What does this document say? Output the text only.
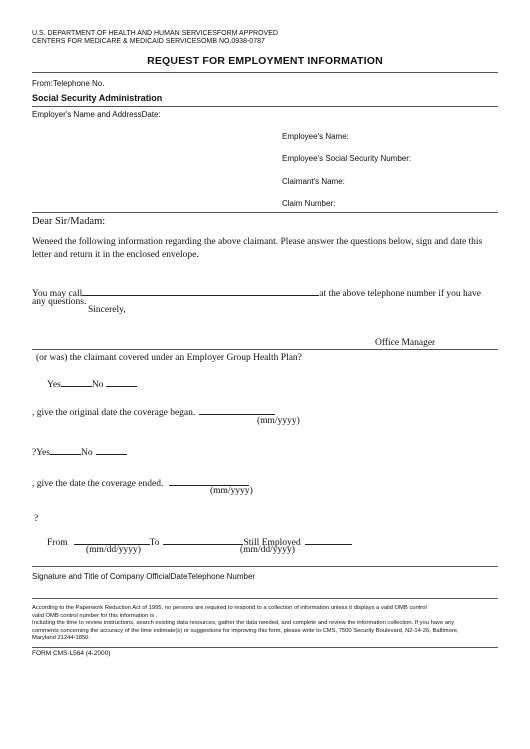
U.S. DEPARTMENT OF HEALTH AND HUMAN SERVICESFORM APPROVED
CENTERS FOR MEDICARE & MEDICAID SERVICESOMB NO.0938-0787
REQUEST FOR EMPLOYMENT INFORMATION
From:Telephone No.
Social Security Administration
Employer's Name and AddressDate:
Employee's Name:
Employee's Social Security Number:
Claimant's Name:
Claim Number:
Dear Sir/Madam:
Weneed the following information regarding the above claimant. Please answer the questions below, sign and date this
letter and return it in the enclosed envelope.
You may call	at the above telephone number if you have
any questions.
Sincerely,
Office Manager
(or was) the claimant covered under an Employer Group Health Plan?
Yes	No
, give the original date the coverage began.
(mm/yyyy)
?Yes	No
, give the date the coverage ended.
(mm/yyyy)
?
From	To	Still Employed
(mm/dd/yyyy)	(mm/dd/yyyy)
Signature and Title of Company OfficialDateTelephone Number
According to the Paperwork Reduction Act of 1995, no persons are required to respond to a collection of information unless it displays a valid OMB control
valid OMB control number for this information is .
Including the time to review instructions, search existing data resources, gather the data needed, and complete and review the information collection. If you have any
comments concerning the accuracy of the time estimate(s) or suggestions for improving this form, please write to:CMS, 7500 Security Boulevard, N2-14-26, Baltimore,
Maryland 21244-1850.
FORM CMS-L564 (4-2000)
